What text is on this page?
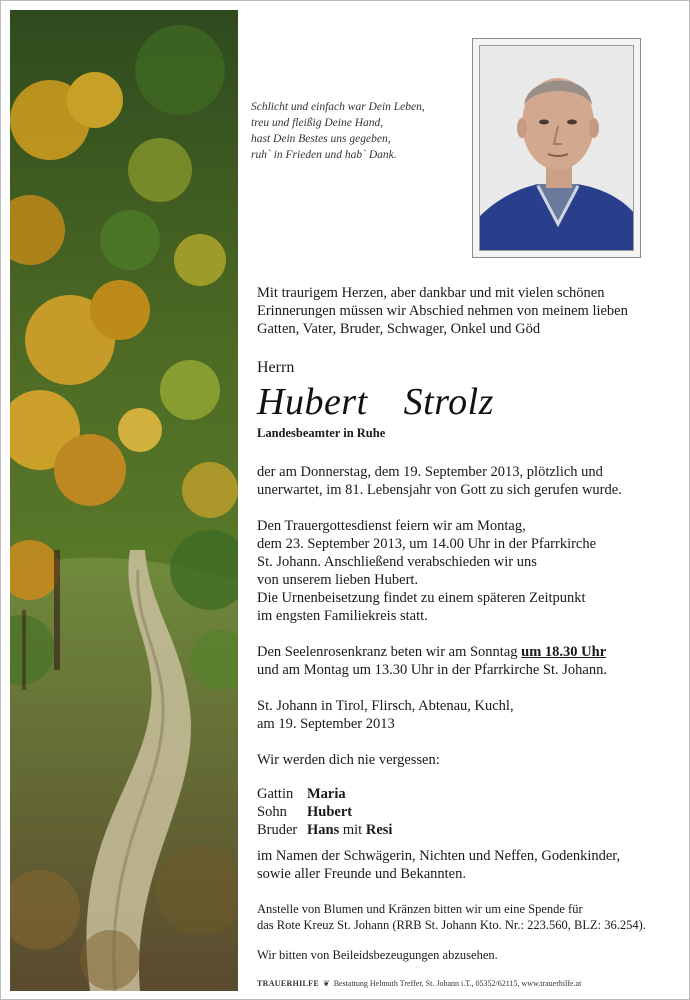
Schlicht und einfach war Dein Leben,
treu und fleißig Deine Hand,
hast Dein Bestes uns gegeben,
ruh` in Frieden und hab` Dank.
Mit traurigem Herzen, aber dankbar und mit vielen schönen
Erinnerungen müssen wir Abschied nehmen von meinem lieben
Gatten, Vater, Bruder, Schwager, Onkel und Göd
Herrn
Hubert  Strolz
Landesbeamter in Ruhe
der am Donnerstag, dem 19. September 2013, plötzlich und
unerwartet, im 81. Lebensjahr von Gott zu sich gerufen wurde.
Den Trauergottesdienst feiern wir am Montag,
dem 23. September 2013, um 14.00 Uhr in der Pfarrkirche
St. Johann. Anschließend verabschieden wir uns
von unserem lieben Hubert.
Die Urnenbeisetzung findet zu einem späteren Zeitpunkt
im engsten Familiekreis statt.
Den Seelenrosenkranz beten wir am Sonntag um 18.30 Uhr
und am Montag um 13.30 Uhr in der Pfarrkirche St. Johann.
St. Johann in Tirol, Flirsch, Abtenau, Kuchl,
am 19. September 2013
Wir werden dich nie vergessen:
Gattin Maria
Sohn	Hubert
Bruder Hans mit Resi
im Namen der Schwägerin, Nichten und Neffen, Godenkinder,
sowie aller Freunde und Bekannten.
Anstelle von Blumen und Kränzen bitten wir um eine Spende für
das Rote Kreuz St. Johann (RRB St. Johann Kto. Nr.: 223.560, BLZ: 36.254).
Wir bitten von Beileidsbezeugungen abzusehen.
TRAUERHILFE ❦ Bestattung Helmuth Treffer, St. Johann i.T., 05352/62115, www.trauerhilfe.at
